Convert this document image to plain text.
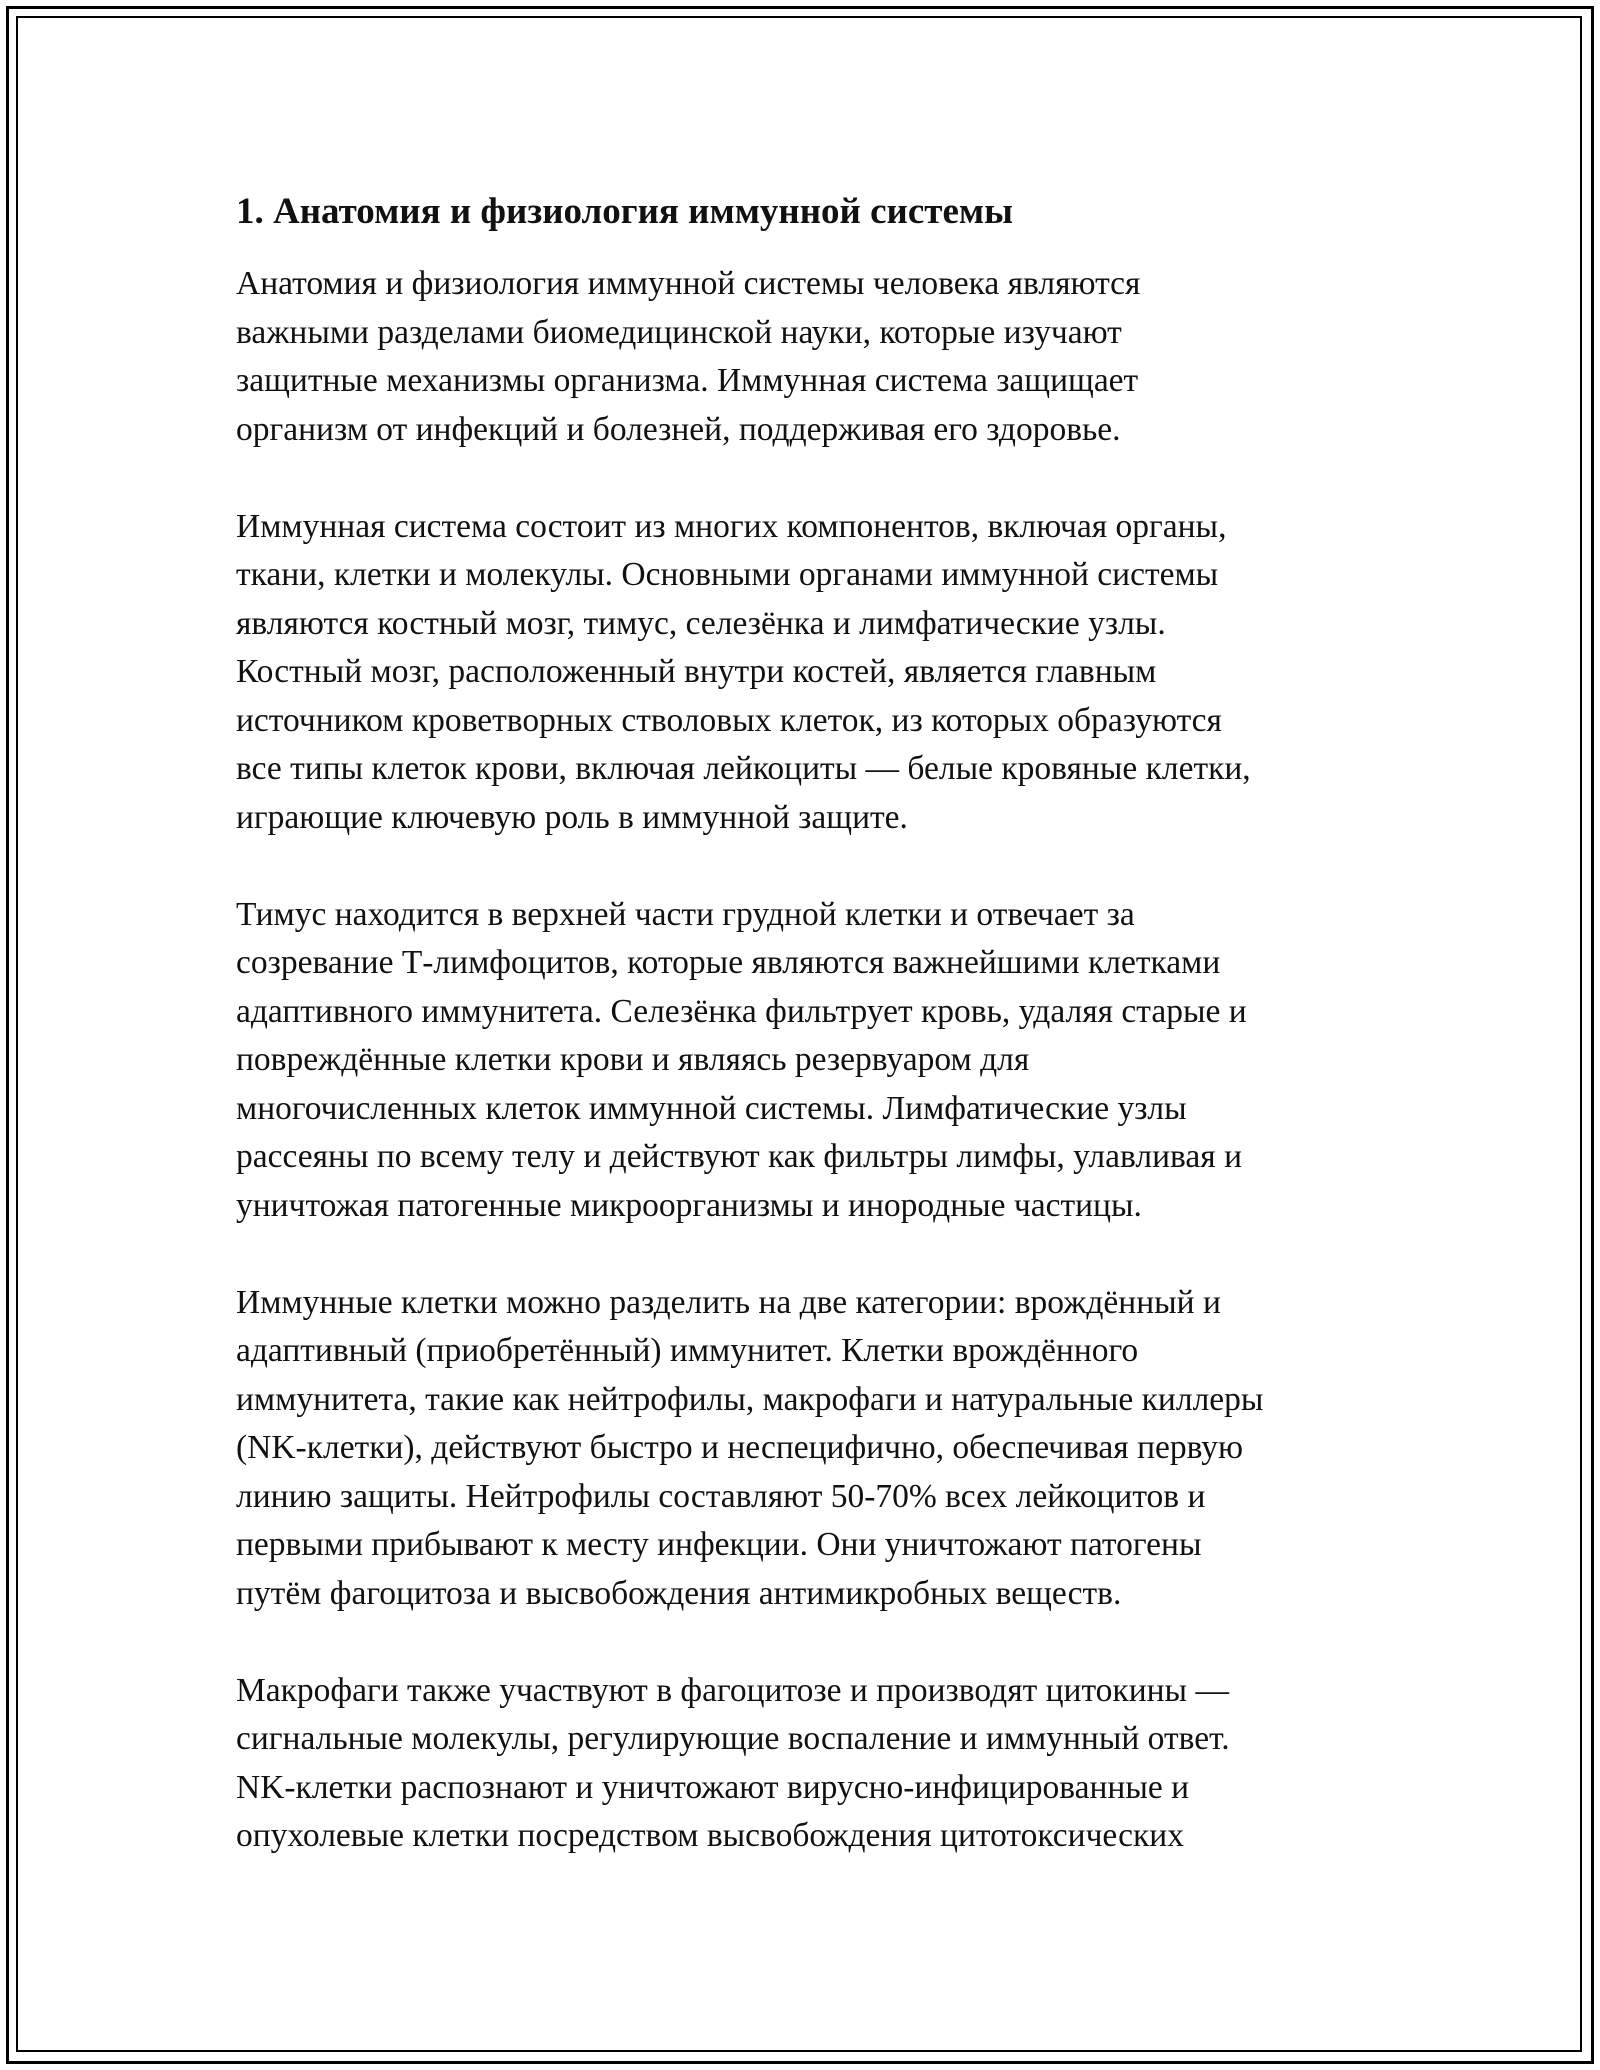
1. Анатомия и физиология иммунной системы

Анатомия и физиология иммунной системы человека являются
важными разделами биомедицинской науки, которые изучают
защитные механизмы организма. Иммунная система защищает
организм от инфекций и болезней, поддерживая его здоровье.

Иммунная система состоит из многих компонентов, включая органы,
ткани, клетки и молекулы. Основными органами иммунной системы
являются костный мозг, тимус, селезёнка и лимфатические узлы.
Костный мозг, расположенный внутри костей, является главным
источником кроветворных стволовых клеток, из которых образуются
все типы клеток крови, включая лейкоциты — белые кровяные клетки,
играющие ключевую роль в иммунной защите.

Тимус находится в верхней части грудной клетки и отвечает за
созревание Т-лимфоцитов, которые являются важнейшими клетками
адаптивного иммунитета. Селезёнка фильтрует кровь, удаляя старые и
повреждённые клетки крови и являясь резервуаром для
многочисленных клеток иммунной системы. Лимфатические узлы
рассеяны по всему телу и действуют как фильтры лимфы, улавливая и
уничтожая патогенные микроорганизмы и инородные частицы.

Иммунные клетки можно разделить на две категории: врождённый и
адаптивный (приобретённый) иммунитет. Клетки врождённого
иммунитета, такие как нейтрофилы, макрофаги и натуральные киллеры
(NK-клетки), действуют быстро и неспецифично, обеспечивая первую
линию защиты. Нейтрофилы составляют 50-70% всех лейкоцитов и
первыми прибывают к месту инфекции. Они уничтожают патогены
путём фагоцитоза и высвобождения антимикробных веществ.

Макрофаги также участвуют в фагоцитозе и производят цитокины —
сигнальные молекулы, регулирующие воспаление и иммунный ответ.
NK-клетки распознают и уничтожают вирусно-инфицированные и
опухолевые клетки посредством высвобождения цитотоксических
